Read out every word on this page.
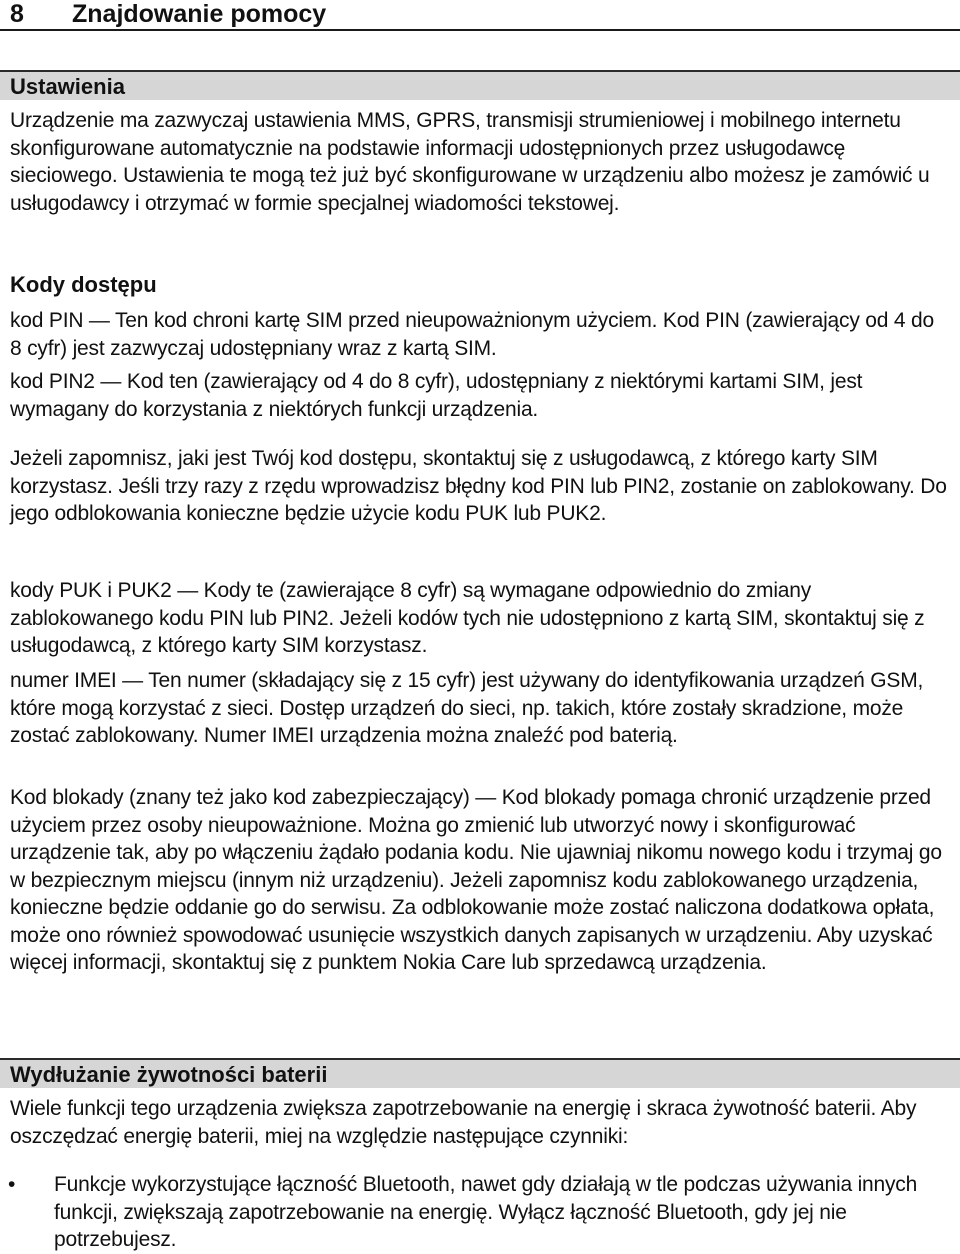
8 Znajdowanie pomocy
Ustawienia

Urządzenie ma zazwyczaj ustawienia MMS, GPRS, transmisji strumieniowej i mobilnego internetu skonfigurowane automatycznie na podstawie informacji udostępnionych przez usługodawcę sieciowego. Ustawienia te mogą też już być skonfigurowane w urządzeniu albo możesz je zamówić u usługodawcy i otrzymać w formie specjalnej wiadomości tekstowej.

Kody dostępu

kod PIN — Ten kod chroni kartę SIM przed nieupoważnionym użyciem. Kod PIN (zawierający od 4 do 8 cyfr) jest zazwyczaj udostępniany wraz z kartą SIM.

kod PIN2 — Kod ten (zawierający od 4 do 8 cyfr), udostępniany z niektórymi kartami SIM, jest wymagany do korzystania z niektórych funkcji urządzenia.

Jeżeli zapomnisz, jaki jest Twój kod dostępu, skontaktuj się z usługodawcą, z którego karty SIM korzystasz. Jeśli trzy razy z rzędu wprowadzisz błędny kod PIN lub PIN2, zostanie on zablokowany. Do jego odblokowania konieczne będzie użycie kodu PUK lub PUK2.

kody PUK i PUK2 — Kody te (zawierające 8 cyfr) są wymagane odpowiednio do zmiany zablokowanego kodu PIN lub PIN2. Jeżeli kodów tych nie udostępniono z kartą SIM, skontaktuj się z usługodawcą, z którego karty SIM korzystasz.

numer IMEI — Ten numer (składający się z 15 cyfr) jest używany do identyfikowania urządzeń GSM, które mogą korzystać z sieci. Dostęp urządzeń do sieci, np. takich, które zostały skradzione, może zostać zablokowany. Numer IMEI urządzenia można znaleźć pod baterią.

Kod blokady (znany też jako kod zabezpieczający) — Kod blokady pomaga chronić urządzenie przed użyciem przez osoby nieupoważnione. Można go zmienić lub utworzyć nowy i skonfigurować urządzenie tak, aby po włączeniu żądało podania kodu. Nie ujawniaj nikomu nowego kodu i trzymaj go w bezpiecznym miejscu (innym niż urządzeniu). Jeżeli zapomnisz kodu zablokowanego urządzenia, konieczne będzie oddanie go do serwisu. Za odblokowanie może zostać naliczona dodatkowa opłata, może ono również spowodować usunięcie wszystkich danych zapisanych w urządzeniu. Aby uzyskać więcej informacji, skontaktuj się z punktem Nokia Care lub sprzedawcą urządzenia.

Wydłużanie żywotności baterii

Wiele funkcji tego urządzenia zwiększa zapotrzebowanie na energię i skraca żywotność baterii. Aby oszczędzać energię baterii, miej na względzie następujące czynniki:

• Funkcje wykorzystujące łączność Bluetooth, nawet gdy działają w tle podczas używania innych funkcji, zwiększają zapotrzebowanie na energię. Wyłącz łączność Bluetooth, gdy jej nie potrzebujesz.
